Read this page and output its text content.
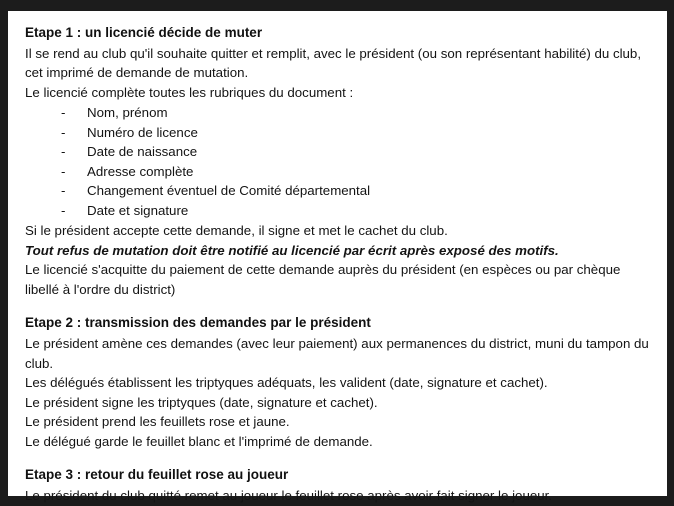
Etape 1 : un licencié décide de muter

Il se rend au club qu'il souhaite quitter et remplit, avec le président (ou son représentant habilité) du club, cet imprimé de demande de mutation.

Le licencié complète toutes les rubriques du document :

- Nom, prénom
- Numéro de licence
- Date de naissance
- Adresse complète
- Changement éventuel de Comité départemental
- Date et signature

Si le président accepte cette demande, il signe et met le cachet du club.

Tout refus de mutation doit être notifié au licencié par écrit après exposé des motifs.

Le licencié s'acquitte du paiement de cette demande auprès du président (en espèces ou par chèque libellé à l'ordre du district)

Etape 2 : transmission des demandes par le président

Le président amène ces demandes (avec leur paiement) aux permanences du district, muni du tampon du club.

Les délégués établissent les triptyques adéquats, les valident (date, signature et cachet).

Le président signe les triptyques (date, signature et cachet).

Le président prend les feuillets rose et jaune.

Le délégué garde le feuillet blanc et l'imprimé de demande.

Etape 3 : retour du feuillet rose au joueur

Le président du club quitté remet au joueur le feuillet rose après avoir fait signer le joueur.
